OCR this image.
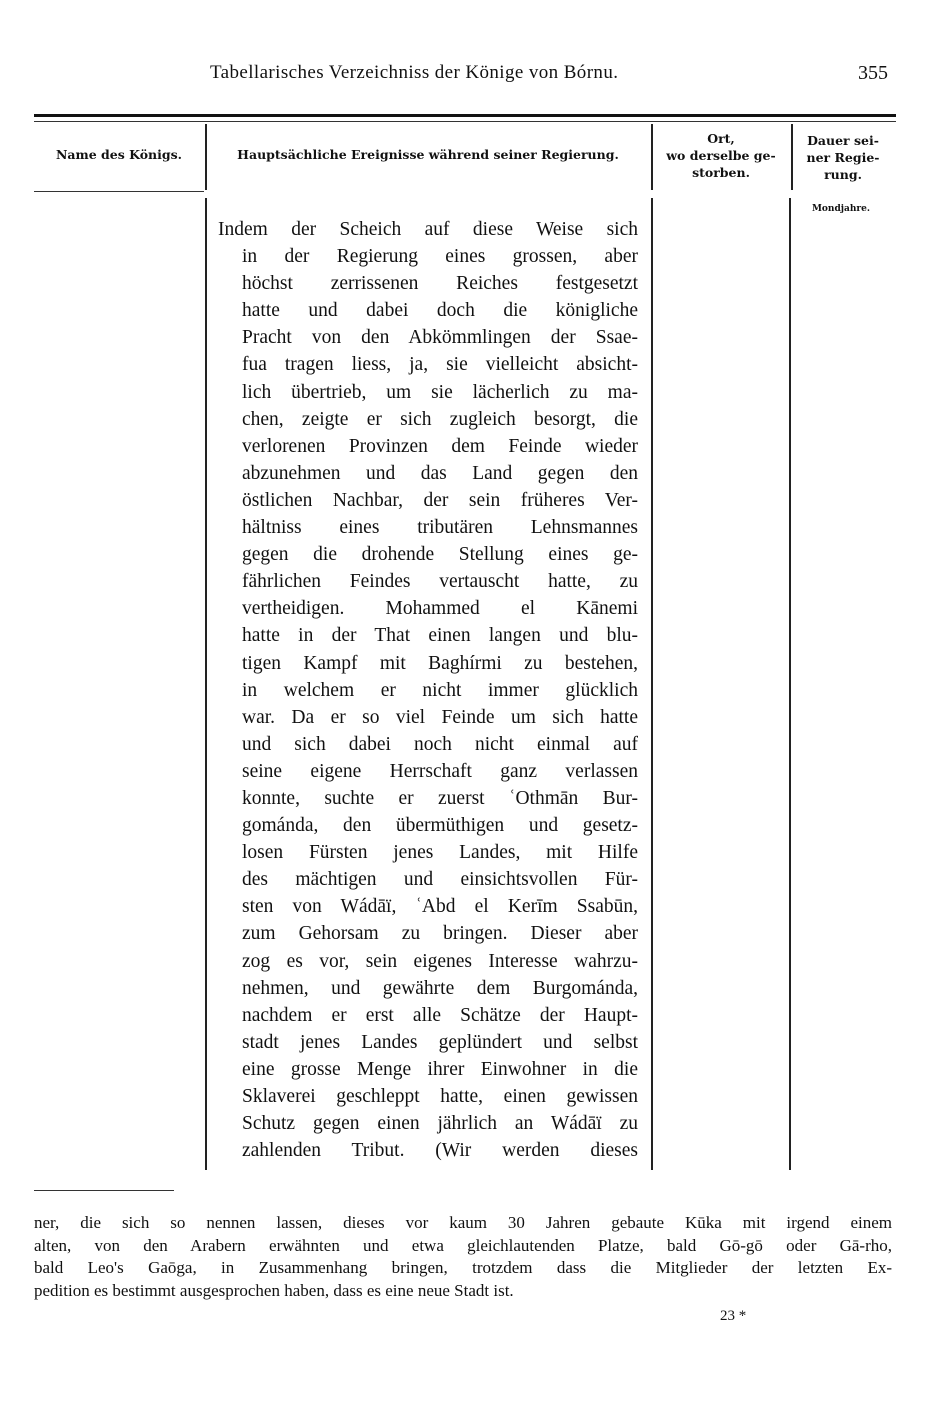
Tabellarisches Verzeichniss der Könige von Bórnu.	355
Name des Königs.	Hauptsächliche Ereignisse während seiner Regierung.
Ort,
wo derselbe ge-
storben.
Dauer sei-
ner Regie-
rung.
Mondjahre.
Indem der Scheich auf diese Weise sich
in der Regierung eines grossen, aber
höchst zerrissenen Reiches festgesetzt
hatte und dabei doch die königliche
Pracht von den Abkömmlingen der Ssae-
fua tragen liess, ja, sie vielleicht absicht-
lich übertrieb, um sie lächerlich zu ma-
chen, zeigte er sich zugleich besorgt, die
verlorenen Provinzen dem Feinde wieder
abzunehmen und das Land gegen den
östlichen Nachbar, der sein früheres Ver-
hältniss eines tributären Lehnsmannes
gegen die drohende Stellung eines ge-
fährlichen Feindes vertauscht hatte, zu
vertheidigen. Mohammed el Kānemi
hatte in der That einen langen und blu-
tigen Kampf mit Baghírmi zu bestehen,
in welchem er nicht immer glücklich
war. Da er so viel Feinde um sich hatte
und sich dabei noch nicht einmal auf
seine eigene Herrschaft ganz verlassen
konnte, suchte er zuerst ʿOthmān Bur-
gománda, den übermüthigen und gesetz-
losen Fürsten jenes Landes, mit Hilfe
des mächtigen und einsichtsvollen Für-
sten von Wádāï, ʿAbd el Kerīm Ssabūn,
zum Gehorsam zu bringen. Dieser aber
zog es vor, sein eigenes Interesse wahrzu-
nehmen, und gewährte dem Burgománda,
nachdem er erst alle Schätze der Haupt-
stadt jenes Landes geplündert und selbst
eine grosse Menge ihrer Einwohner in die
Sklaverei geschleppt hatte, einen gewissen
Schutz gegen einen jährlich an Wádāï zu
zahlenden Tribut. (Wir werden dieses
ner, die sich so nennen lassen, dieses vor kaum 30 Jahren gebaute Kūka mit irgend einem
alten, von den Arabern erwähnten und etwa gleichlautenden Platze, bald Gō-gō oder Gā-rho,
bald Leo's Gaōga, in Zusammenhang bringen, trotzdem dass die Mitglieder der letzten Ex-
pedition es bestimmt ausgesprochen haben, dass es eine neue Stadt ist.
23 *
